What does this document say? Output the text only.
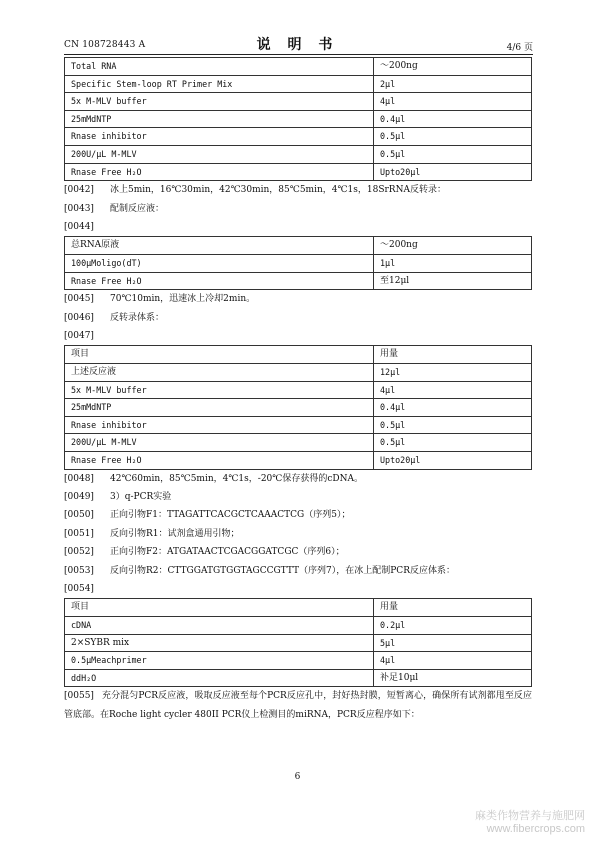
CN 108728443 A	说 明 书	4/6 页
Total RNA	～200ng
Specific Stem-loop RT Primer Mix	2μl
5x M-MLV buffer	4μl
25mMdNTP	0.4μl
Rnase inhibitor	0.5μl
200U/μL M-MLV	0.5μl
Rnase Free H₂O	Upto20μl
[0042] 冰上5min，16℃30min，42℃30min，85℃5min，4℃1s，18SrRNA反转录：
[0043] 配制反应液：
[0044]
总RNA原液	～200ng
100μMoligo(dT)	1μl
Rnase Free H₂O	至12μl
[0045] 70℃10min，迅速冰上冷却2min。
[0046] 反转录体系：
[0047]
项目	用量
上述反应液	12μl
5x M-MLV buffer	4μl
25mMdNTP	0.4μl
Rnase inhibitor	0.5μl
200U/μL M-MLV	0.5μl
Rnase Free H₂O	Upto20μl
[0048] 42℃60min，85℃5min，4℃1s，-20℃保存获得的cDNA。
[0049] 3）q-PCR实验
[0050] 正向引物F1：TTAGATTCACGCTCAAACTCG（序列5）；
[0051] 反向引物R1：试剂盒通用引物；
[0052] 正向引物F2：ATGATAACTCGACGGATCGC（序列6）；
[0053] 反向引物R2：CTTGGATGTGGTAGCCGTTT（序列7），在冰上配制PCR反应体系：
[0054]
项目	用量
cDNA	0.2μl
2×SYBR mix	5μl
0.5μMeachprimer	4μl
ddH₂O	补足10μl
[0055] 充分混匀PCR反应液，吸取反应液至每个PCR反应孔中，封好热封膜，短暂离心，确保所有试剂都甩至反应管底部。在Roche light cycler 480II PCR仪上检测目的miRNA，PCR反应程序如下：
6
麻类作物营养与施肥网
www.fibercrops.com
